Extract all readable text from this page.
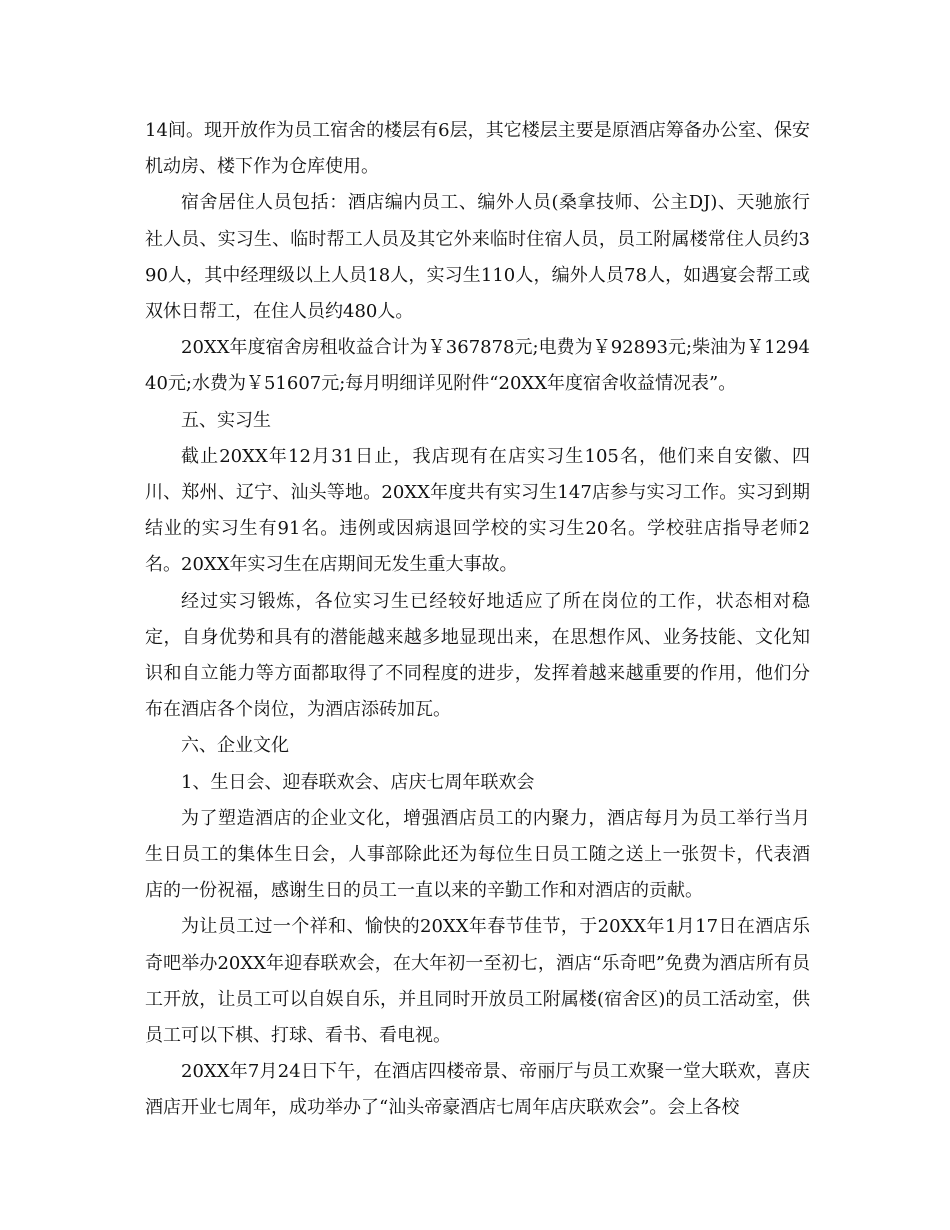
14间。现开放作为员工宿舍的楼层有6层，其它楼层主要是原酒店筹备办公室、保安机动房、楼下作为仓库使用。

宿舍居住人员包括：酒店编内员工、编外人员(桑拿技师、公主DJ)、天驰旅行社人员、实习生、临时帮工人员及其它外来临时住宿人员，员工附属楼常住人员约390人，其中经理级以上人员18人，实习生110人，编外人员78人，如遇宴会帮工或双休日帮工，在住人员约480人。

20XX年度宿舍房租收益合计为￥367878元;电费为￥92893元;柴油为￥129440元;水费为￥51607元;每月明细详见附件“20XX年度宿舍收益情况表”。

五、实习生

截止20XX年12月31日止，我店现有在店实习生105名，他们来自安徽、四川、郑州、辽宁、汕头等地。20XX年度共有实习生147店参与实习工作。实习到期结业的实习生有91名。违例或因病退回学校的实习生20名。学校驻店指导老师2名。20XX年实习生在店期间无发生重大事故。

经过实习锻炼，各位实习生已经较好地适应了所在岗位的工作，状态相对稳定，自身优势和具有的潜能越来越多地显现出来，在思想作风、业务技能、文化知识和自立能力等方面都取得了不同程度的进步，发挥着越来越重要的作用，他们分布在酒店各个岗位，为酒店添砖加瓦。

六、企业文化

1、生日会、迎春联欢会、店庆七周年联欢会

为了塑造酒店的企业文化，增强酒店员工的内聚力，酒店每月为员工举行当月生日员工的集体生日会，人事部除此还为每位生日员工随之送上一张贺卡，代表酒店的一份祝福，感谢生日的员工一直以来的辛勤工作和对酒店的贡献。

为让员工过一个祥和、愉快的20XX年春节佳节，于20XX年1月17日在酒店乐奇吧举办20XX年迎春联欢会，在大年初一至初七，酒店“乐奇吧”免费为酒店所有员工开放，让员工可以自娱自乐，并且同时开放员工附属楼(宿舍区)的员工活动室，供员工可以下棋、打球、看书、看电视。

20XX年7月24日下午，在酒店四楼帝景、帝丽厅与员工欢聚一堂大联欢，喜庆酒店开业七周年，成功举办了“汕头帝豪酒店七周年店庆联欢会”。会上各校
